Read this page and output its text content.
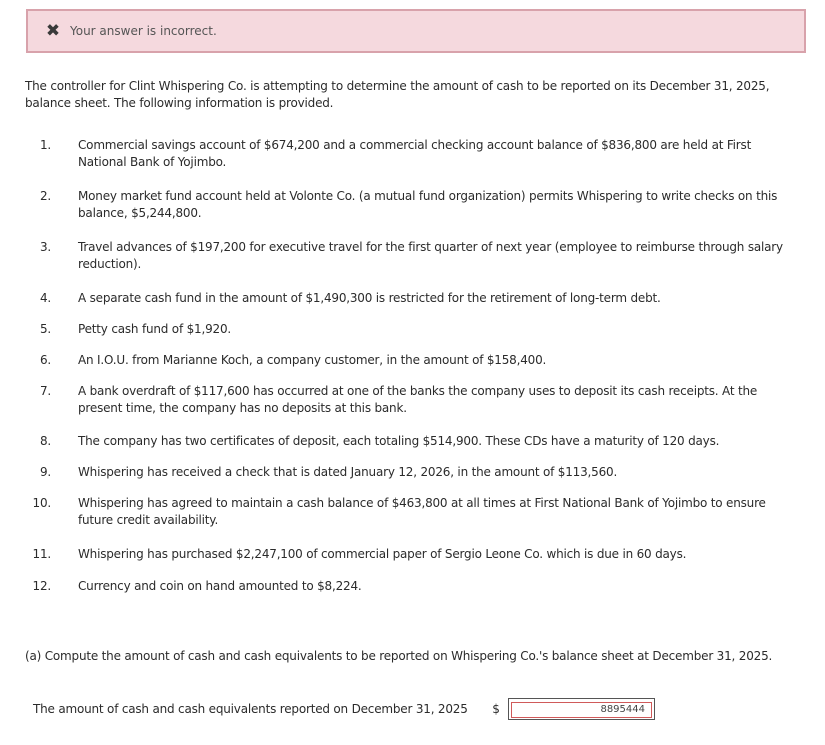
✖ Your answer is incorrect.
The controller for Clint Whispering Co. is attempting to determine the amount of cash to be reported on its December 31, 2025, balance sheet. The following information is provided.
1. Commercial savings account of $674,200 and a commercial checking account balance of $836,800 are held at First National Bank of Yojimbo.
2. Money market fund account held at Volonte Co. (a mutual fund organization) permits Whispering to write checks on this balance, $5,244,800.
3. Travel advances of $197,200 for executive travel for the first quarter of next year (employee to reimburse through salary reduction).
4. A separate cash fund in the amount of $1,490,300 is restricted for the retirement of long-term debt.
5. Petty cash fund of $1,920.
6. An I.O.U. from Marianne Koch, a company customer, in the amount of $158,400.
7. A bank overdraft of $117,600 has occurred at one of the banks the company uses to deposit its cash receipts. At the present time, the company has no deposits at this bank.
8. The company has two certificates of deposit, each totaling $514,900. These CDs have a maturity of 120 days.
9. Whispering has received a check that is dated January 12, 2026, in the amount of $113,560.
10. Whispering has agreed to maintain a cash balance of $463,800 at all times at First National Bank of Yojimbo to ensure future credit availability.
11. Whispering has purchased $2,247,100 of commercial paper of Sergio Leone Co. which is due in 60 days.
12. Currency and coin on hand amounted to $8,224.
(a) Compute the amount of cash and cash equivalents to be reported on Whispering Co.'s balance sheet at December 31, 2025.
The amount of cash and cash equivalents reported on December 31, 2025	$
8895444
